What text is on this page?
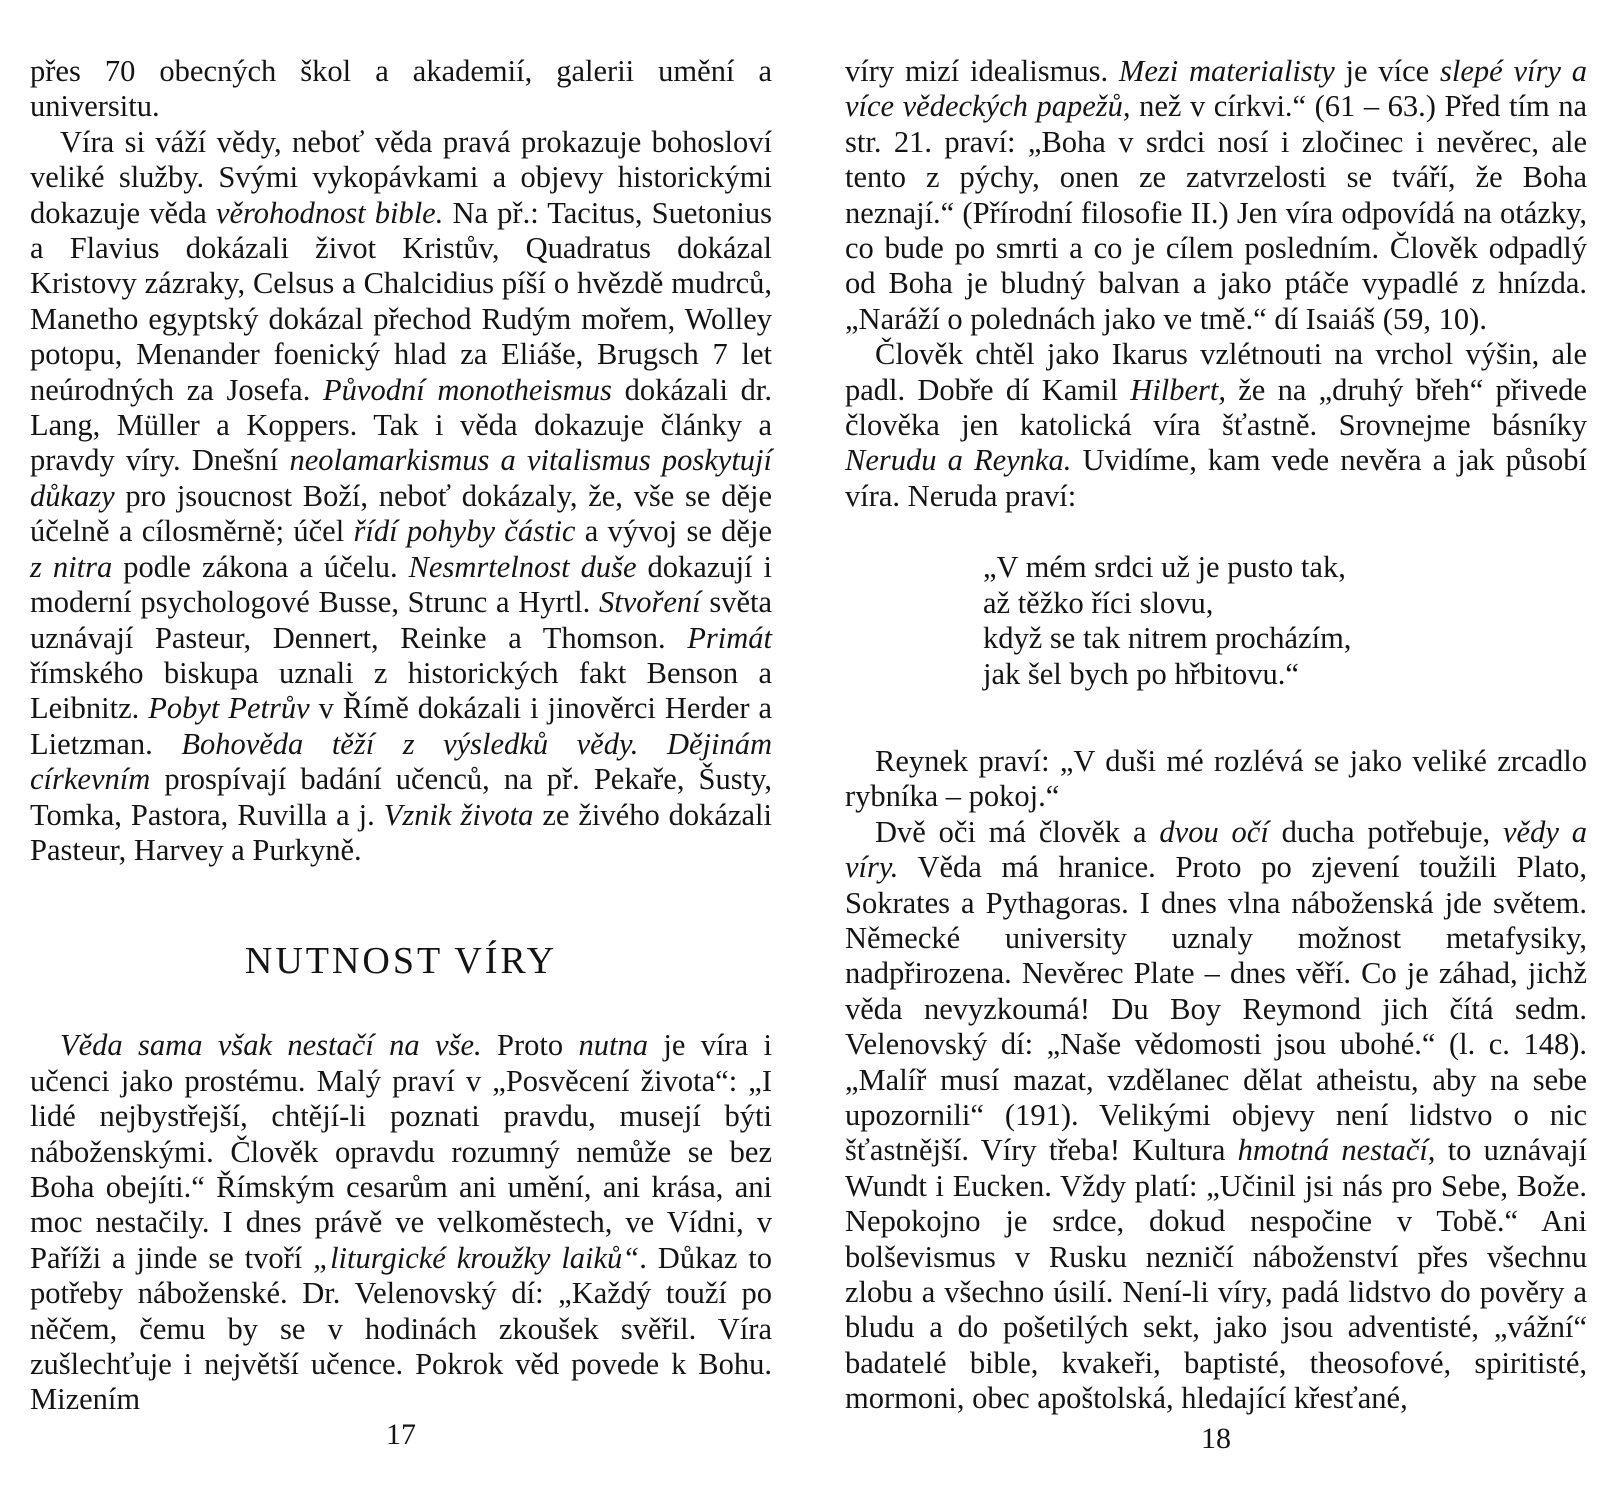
přes 70 obecných škol a akademií, galerii umění a universitu.

Víra si váží vědy, neboť věda pravá prokazuje bohosloví veliké služby. Svými vykopávkami a objevy historickými dokazuje věda věrohodnost bible. Na př.: Tacitus, Suetonius a Flavius dokázali život Kristův, Quadratus dokázal Kristovy zázraky, Celsus a Chalcidius píší o hvězdě mudrců, Manetho egyptský dokázal přechod Rudým mořem, Wolley potopu, Menander foenický hlad za Eliáše, Brugsch 7 let neúrodných za Josefa. Původní monotheismus dokázali dr. Lang, Müller a Koppers. Tak i věda dokazuje články a pravdy víry. Dnešní neolamarkismus a vitalismus poskytují důkazy pro jsoucnost Boží, neboť dokázaly, že, vše se děje účelně a cílosměrně; účel řídí pohyby částic a vývoj se děje z nitra podle zákona a účelu. Nesmrtelnost duše dokazují i moderní psychologové Busse, Strunc a Hyrtl. Stvoření světa uznávají Pasteur, Dennert, Reinke a Thomson. Primát římského biskupa uznali z historických fakt Benson a Leibnitz. Pobyt Petrův v Římě dokázali i jinověrci Herder a Lietzman. Bohověda těží z výsledků vědy. Dějinám církevním prospívají badání učenců, na př. Pekaře, Šusty, Tomka, Pastora, Ruvilla a j. Vznik života ze živého dokázali Pasteur, Harvey a Purkyně.

NUTNOST VÍRY

Věda sama však nestačí na vše. Proto nutna je víra i učenci jako prostému. Malý praví v „Posvěcení života“: „I lidé nejbystřejší, chtějí-li poznati pravdu, musejí býti náboženskými. Člověk opravdu rozumný nemůže se bez Boha obejíti.“ Římským cesarům ani umění, ani krása, ani moc nestačily. I dnes právě ve velkoměstech, ve Vídni, v Paříži a jinde se tvoří „liturgické kroužky laiků“. Důkaz to potřeby náboženské. Dr. Velenovský dí: „Každý touží po něčem, čemu by se v hodinách zkoušek svěřil. Víra zušlechťuje i největší učence. Pokrok věd povede k Bohu. Mizením

17

víry mizí idealismus. Mezi materialisty je více slepé víry a více vědeckých papežů, než v církvi.“ (61 – 63.) Před tím na str. 21. praví: „Boha v srdci nosí i zločinec i nevěrec, ale tento z pýchy, onen ze zatvrzelosti se tváří, že Boha neznají.“ (Přírodní filosofie II.) Jen víra odpovídá na otázky, co bude po smrti a co je cílem posledním. Člověk odpadlý od Boha je bludný balvan a jako ptáče vypadlé z hnízda. „Naráží o polednách jako ve tmě.“ dí Isaiáš (59, 10).

Člověk chtěl jako Ikarus vzlétnouti na vrchol výšin, ale padl. Dobře dí Kamil Hilbert, že na „druhý břeh“ přivede člověka jen katolická víra šťastně. Srovnejme básníky Nerudu a Reynka. Uvidíme, kam vede nevěra a jak působí víra. Neruda praví:

„V mém srdci už je pusto tak,
až těžko říci slovu,
když se tak nitrem procházím,
jak šel bych po hřbitovu.“

Reynek praví: „V duši mé rozlévá se jako veliké zrcadlo rybníka – pokoj.“

Dvě oči má člověk a dvou očí ducha potřebuje, vědy a víry. Věda má hranice. Proto po zjevení toužili Plato, Sokrates a Pythagoras. I dnes vlna náboženská jde světem. Německé university uznaly možnost metafysiky, nadpřirozena. Nevěrec Plate – dnes věří. Co je záhad, jichž věda nevyzkoumá! Du Boy Reymond jich čítá sedm. Velenovský dí: „Naše vědomosti jsou ubohé.“ (l. c. 148). „Malíř musí mazat, vzdělanec dělat atheistu, aby na sebe upozornili“ (191). Velikými objevy není lidstvo o nic šťastnější. Víry třeba! Kultura hmotná nestačí, to uznávají Wundt i Eucken. Vždy platí: „Učinil jsi nás pro Sebe, Bože. Nepokojno je srdce, dokud nespočine v Tobě.“ Ani bolševismus v Rusku nezničí náboženství přes všechnu zlobu a všechno úsilí. Není-li víry, padá lidstvo do pověry a bludu a do pošetilých sekt, jako jsou adventisté, „vážní“ badatelé bible, kvakeři, baptisté, theosofové, spiritisté, mormoni, obec apoštolská, hledající křesťané,

18
